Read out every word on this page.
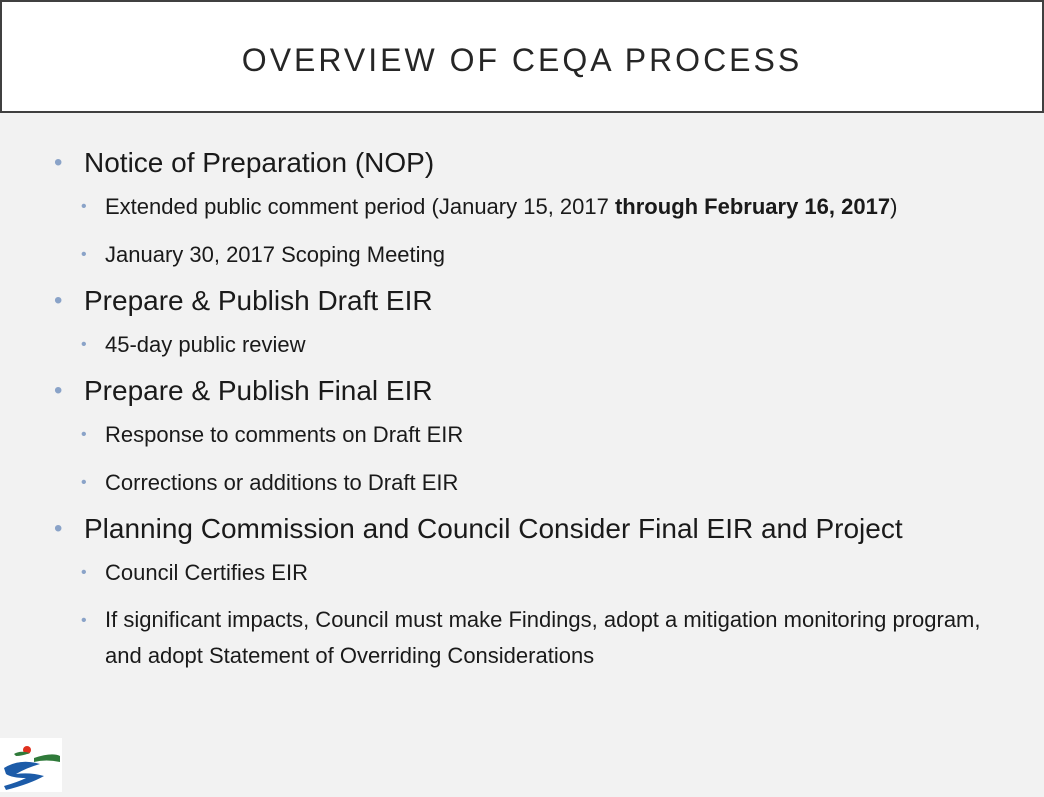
OVERVIEW OF CEQA PROCESS
• Notice of Preparation (NOP)
• Extended public comment period (January 15, 2017 through February 16, 2017)
• January 30, 2017 Scoping Meeting
• Prepare & Publish Draft EIR
• 45-day public review
• Prepare & Publish Final EIR
• Response to comments on Draft EIR
• Corrections or additions to Draft EIR
• Planning Commission and Council Consider Final EIR and Project
• Council Certifies EIR
• If significant impacts, Council must make Findings, adopt a mitigation monitoring program, and adopt Statement of Overriding Considerations
